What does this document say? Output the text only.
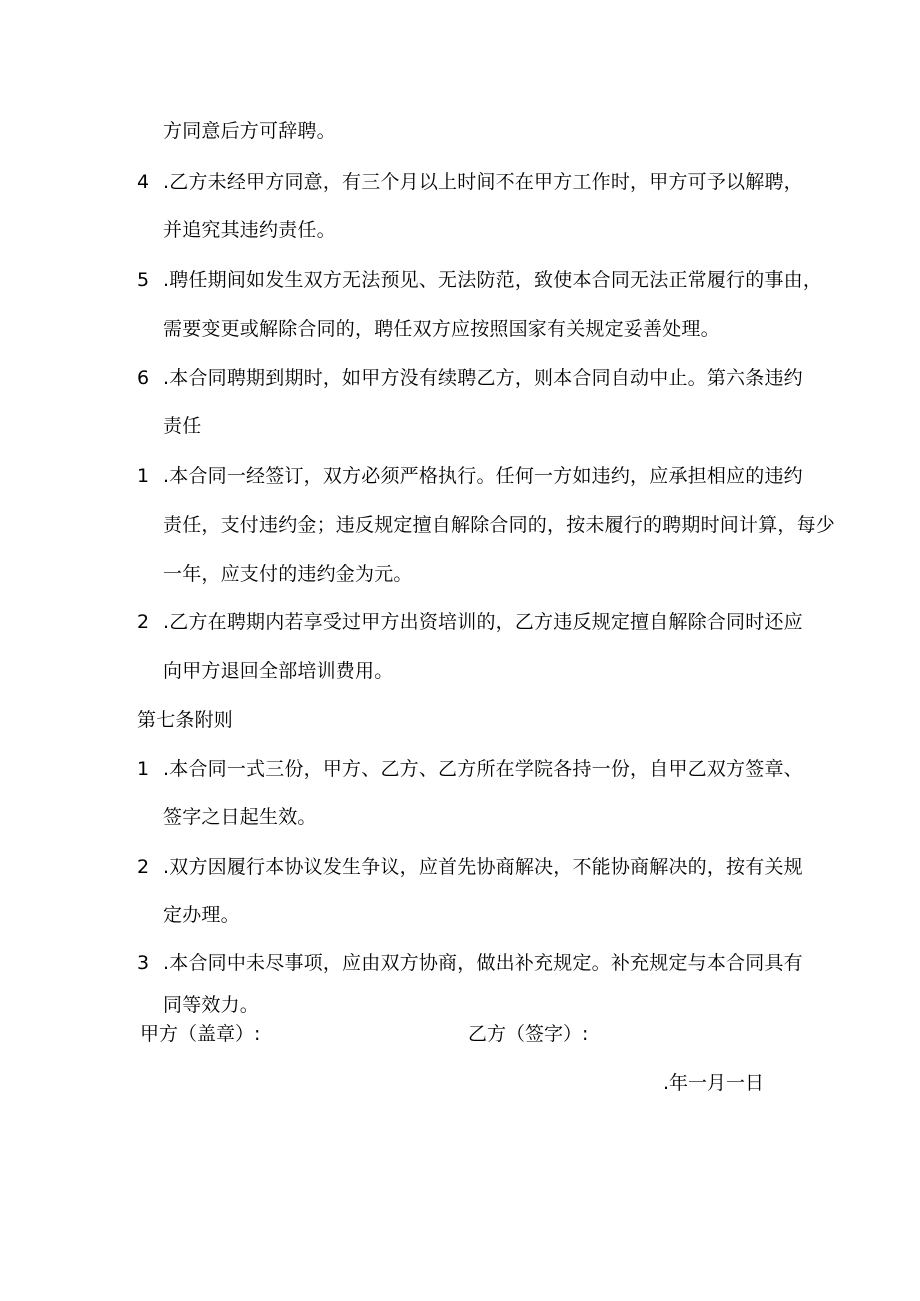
方同意后方可辞聘。
4 .乙方未经甲方同意，有三个月以上时间不在甲方工作时，甲方可予以解聘，
并追究其违约责任。
5 .聘任期间如发生双方无法预见、无法防范，致使本合同无法正常履行的事由，
需要变更或解除合同的，聘任双方应按照国家有关规定妥善处理。
6 .本合同聘期到期时，如甲方没有续聘乙方，则本合同自动中止。第六条违约
责任
1 .本合同一经签订，双方必须严格执行。任何一方如违约，应承担相应的违约
责任，支付违约金；违反规定擅自解除合同的，按未履行的聘期时间计算，每少
一年，应支付的违约金为元。
2 .乙方在聘期内若享受过甲方出资培训的，乙方违反规定擅自解除合同时还应
向甲方退回全部培训费用。
第七条附则
1 .本合同一式三份，甲方、乙方、乙方所在学院各持一份，自甲乙双方签章、
签字之日起生效。
2 .双方因履行本协议发生争议，应首先协商解决，不能协商解决的，按有关规
定办理。
3 .本合同中未尽事项，应由双方协商，做出补充规定。补充规定与本合同具有
同等效力。
甲方（盖章）:	乙方（签字）:
.年一月一日
